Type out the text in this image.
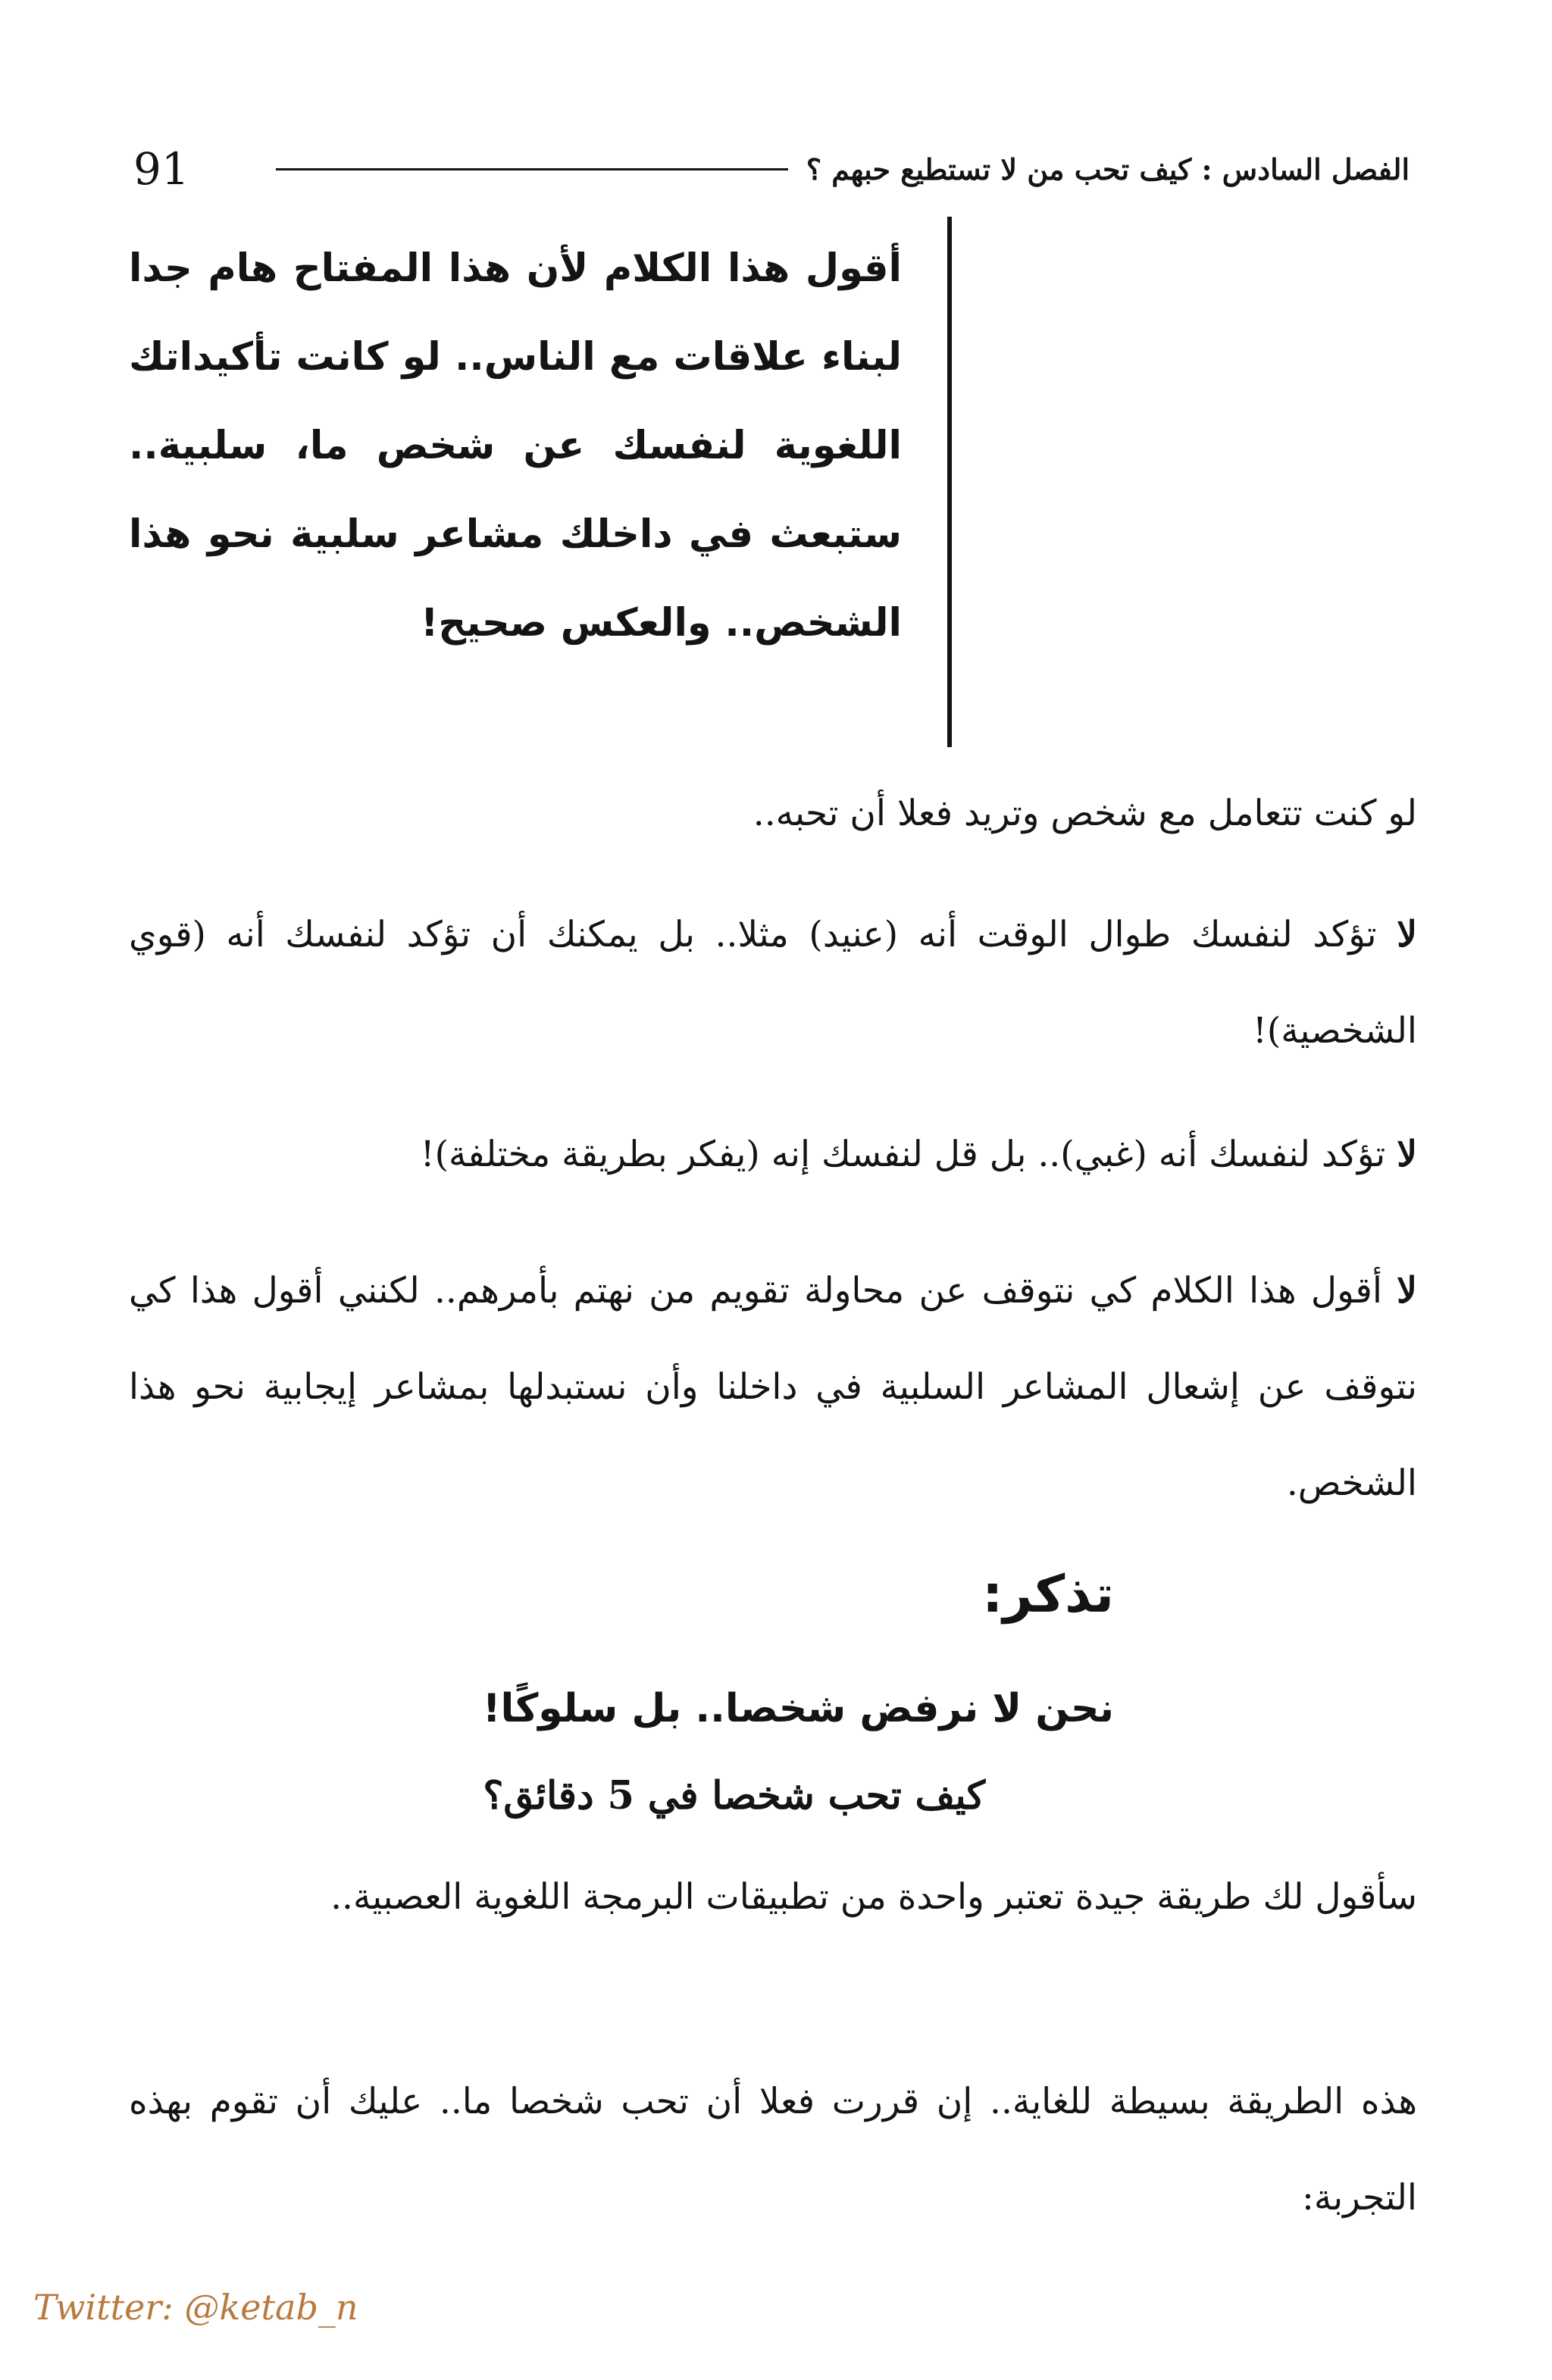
91	الفصل السادس : كيف تحب من لا تستطيع حبهم ؟
أقول هذا الكلام لأن هذا المفتاح هام جدا لبناء علاقات مع الناس.. لو كانت تأكيداتك اللغوية لنفسك عن شخص ما، سلبية.. ستبعث في داخلك مشاعر سلبية نحو هذا الشخص.. والعكس صحيح!
لو كنت تتعامل مع شخص وتريد فعلا أن تحبه..
لا تؤكد لنفسك طوال الوقت أنه (عنيد) مثلا.. بل يمكنك أن تؤكد لنفسك أنه (قوي الشخصية)!
لا تؤكد لنفسك أنه (غبي).. بل قل لنفسك إنه (يفكر بطريقة مختلفة)!
لا أقول هذا الكلام كي نتوقف عن محاولة تقويم من نهتم بأمرهم.. لكنني أقول هذا كي نتوقف عن إشعال المشاعر السلبية في داخلنا وأن نستبدلها بمشاعر إيجابية نحو هذا الشخص.
تذكر:
نحن لا نرفض شخصا.. بل سلوكًا!
كيف تحب شخصا في 5 دقائق؟
سأقول لك طريقة جيدة تعتبر واحدة من تطبيقات البرمجة اللغوية العصبية..
هذه الطريقة بسيطة للغاية.. إن قررت فعلا أن تحب شخصا ما.. عليك أن تقوم بهذه التجربة:
Twitter: @ketab_n
